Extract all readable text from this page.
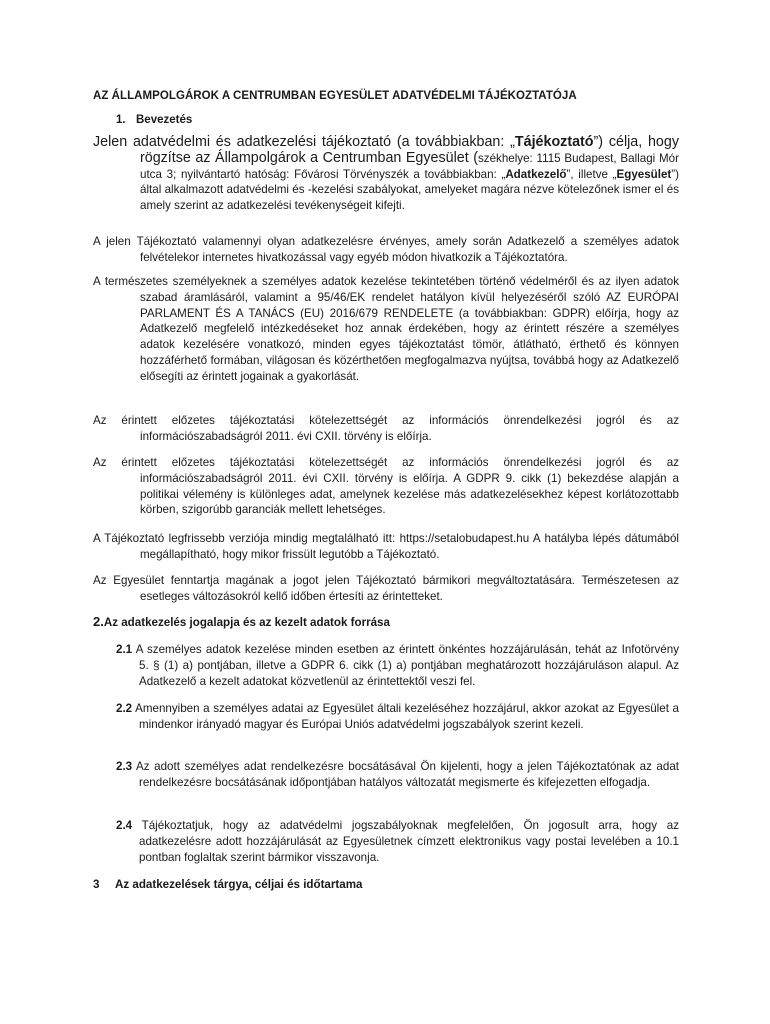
AZ ÁLLAMPOLGÁROK A CENTRUMBAN EGYESÜLET ADATVÉDELMI TÁJÉKOZTATÓJA
1. Bevezetés
Jelen adatvédelmi és adatkezelési tájékoztató (a továbbiakban: „Tájékoztató”) célja, hogy rögzítse az Állampolgárok a Centrumban Egyesület (székhelye: 1115 Budapest, Ballagi Mór utca 3; nyilvántartó hatóság: Fővárosi Törvényszék a továbbiakban: „Adatkezelő”, illetve „Egyesület”) által alkalmazott adatvédelmi és -kezelési szabályokat, amelyeket magára nézve kötelezőnek ismer el és amely szerint az adatkezelési tevékenységeit kifejti.
A jelen Tájékoztató valamennyi olyan adatkezelésre érvényes, amely során Adatkezelő a személyes adatok felvételekor internetes hivatkozással vagy egyéb módon hivatkozik a Tájékoztatóra.
A természetes személyeknek a személyes adatok kezelése tekintetében történő védelméről és az ilyen adatok szabad áramlásáról, valamint a 95/46/EK rendelet hatályon kívül helyezéséről szóló AZ EURÓPAI PARLAMENT ÉS A TANÁCS (EU) 2016/679 RENDELETE (a továbbiakban: GDPR) előírja, hogy az Adatkezelő megfelelő intézkedéseket hoz annak érdekében, hogy az érintett részére a személyes adatok kezelésére vonatkozó, minden egyes tájékoztatást tömör, átlátható, érthető és könnyen hozzáférhető formában, világosan és közérthetően megfogalmazva nyújtsa, továbbá hogy az Adatkezelő elősegíti az érintett jogainak a gyakorlását.
Az érintett előzetes tájékoztatási kötelezettségét az információs önrendelkezési jogról és az információszabadságról 2011. évi CXII. törvény is előírja.
Az érintett előzetes tájékoztatási kötelezettségét az információs önrendelkezési jogról és az információszabadságról 2011. évi CXII. törvény is előírja. A GDPR 9. cikk (1) bekezdése alapján a politikai vélemény is különleges adat, amelynek kezelése más adatkezelésekhez képest korlátozottabb körben, szigorúbb garanciák mellett lehetséges.
A Tájékoztató legfrissebb verziója mindig megtalálható itt: https://setalobudapest.hu A hatályba lépés dátumából megállapítható, hogy mikor frissült legutóbb a Tájékoztató.
Az Egyesület fenntartja magának a jogot jelen Tájékoztató bármikori megváltoztatására. Természetesen az esetleges változásokról kellő időben értesíti az érintetteket.
2.Az adatkezelés jogalapja és az kezelt adatok forrása
2.1 A személyes adatok kezelése minden esetben az érintett önkéntes hozzájárulásán, tehát az Infotörvény 5. § (1) a) pontjában, illetve a GDPR 6. cikk (1) a) pontjában meghatározott hozzájáruláson alapul. Az Adatkezelő a kezelt adatokat közvetlenül az érintettektől veszi fel.
2.2 Amennyiben a személyes adatai az Egyesület általi kezeléséhez hozzájárul, akkor azokat az Egyesület a mindenkor irányadó magyar és Európai Uniós adatvédelmi jogszabályok szerint kezeli.
2.3 Az adott személyes adat rendelkezésre bocsátásával Ön kijelenti, hogy a jelen Tájékoztatónak az adat rendelkezésre bocsátásának időpontjában hatályos változatát megismerte és kifejezetten elfogadja.
2.4 Tájékoztatjuk, hogy az adatvédelmi jogszabályoknak megfelelően, Ön jogosult arra, hogy az adatkezelésre adott hozzájárulását az Egyesületnek címzett elektronikus vagy postai levelében a 10.1 pontban foglaltak szerint bármikor visszavonja.
3 Az adatkezelések tárgya, céljai és időtartama
